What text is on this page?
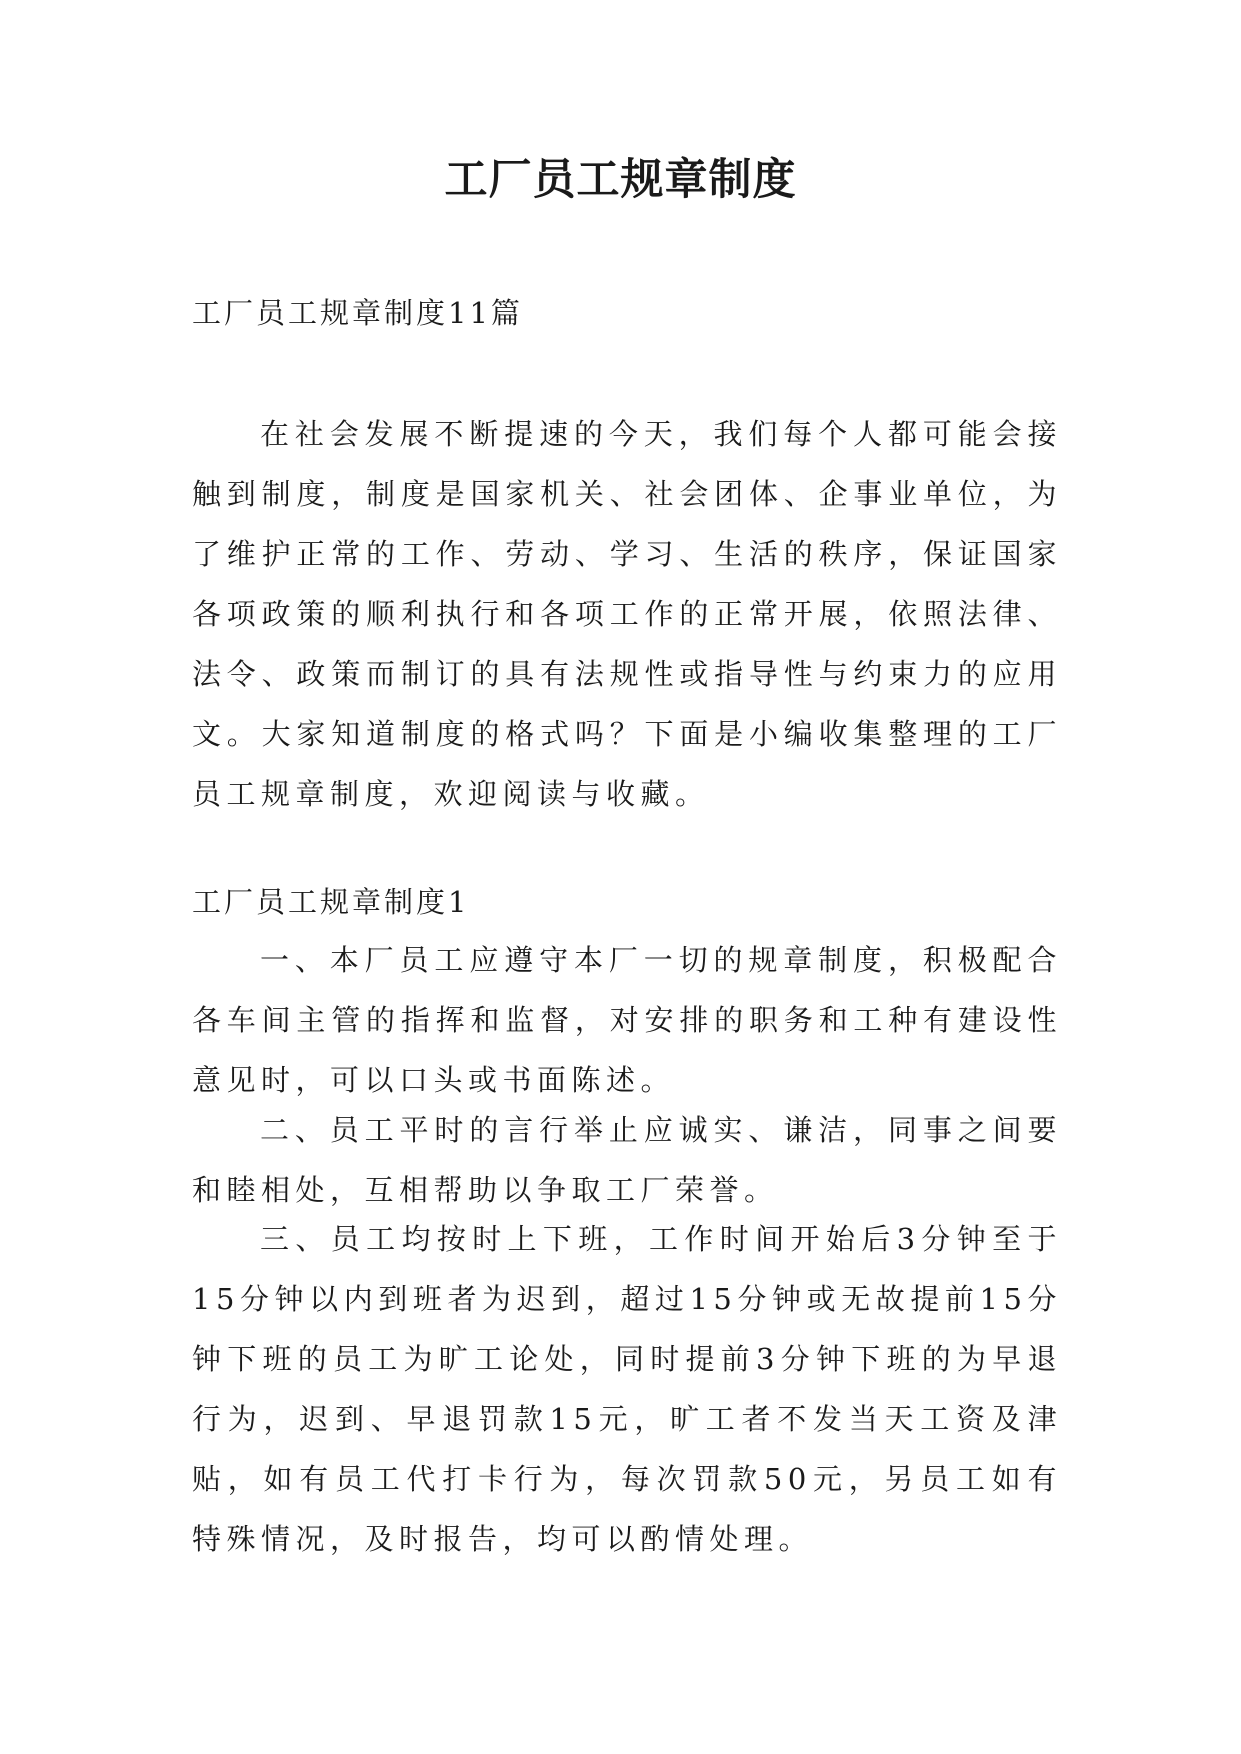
工厂员工规章制度

工厂员工规章制度11篇

在社会发展不断提速的今天，我们每个人都可能会接触到制度，制度是国家机关、社会团体、企事业单位，为了维护正常的工作、劳动、学习、生活的秩序，保证国家各项政策的顺利执行和各项工作的正常开展，依照法律、法令、政策而制订的具有法规性或指导性与约束力的应用文。大家知道制度的格式吗？下面是小编收集整理的工厂员工规章制度，欢迎阅读与收藏。

工厂员工规章制度1

一、本厂员工应遵守本厂一切的规章制度，积极配合各车间主管的指挥和监督，对安排的职务和工种有建设性意见时，可以口头或书面陈述。

二、员工平时的言行举止应诚实、谦洁，同事之间要和睦相处，互相帮助以争取工厂荣誉。

三、员工均按时上下班，工作时间开始后3分钟至于15分钟以内到班者为迟到，超过15分钟或无故提前15分钟下班的员工为旷工论处，同时提前3分钟下班的为早退行为，迟到、早退罚款15元，旷工者不发当天工资及津贴，如有员工代打卡行为，每次罚款50元，另员工如有特殊情况，及时报告，均可以酌情处理。
